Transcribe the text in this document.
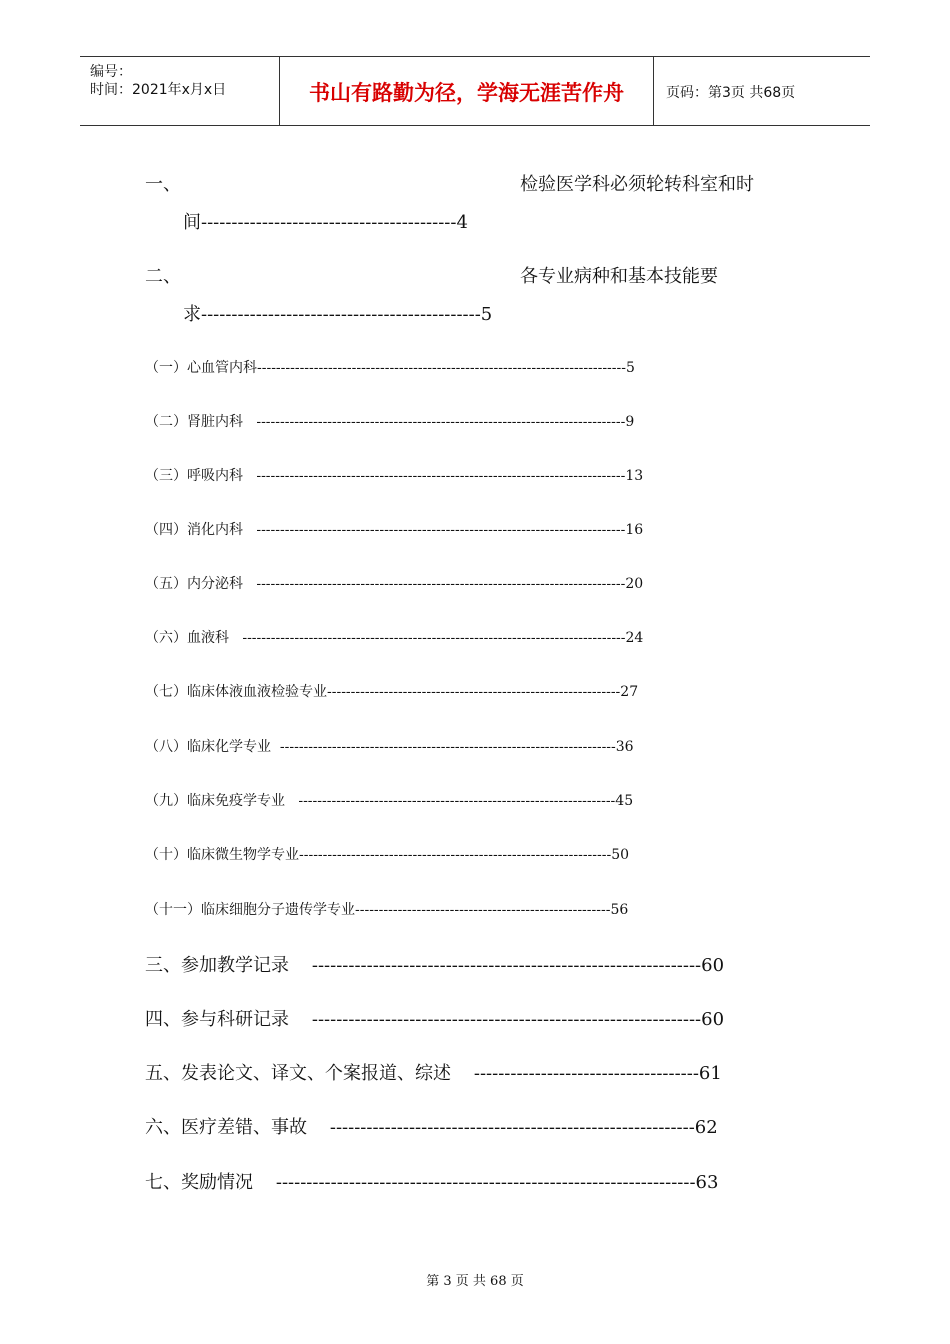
编号：
时间：2021年x月x日	书山有路勤为径，学海无涯苦作舟	页码：第3页 共68页
一、	检验医学科必须轮转科室和时
间------------------------------------------4
二、	各专业病种和基本技能要
求----------------------------------------------5
（一）心血管内科------------------------------------------------------------------------------5
（二）肾脏内科   ------------------------------------------------------------------------------9
（三）呼吸内科   ------------------------------------------------------------------------------13
（四）消化内科   ------------------------------------------------------------------------------16
（五）内分泌科   ------------------------------------------------------------------------------20
（六）血液科   ---------------------------------------------------------------------------------24
（七）临床体液血液检验专业--------------------------------------------------------------27
（八）临床化学专业  -----------------------------------------------------------------------36
（九）临床免疫学专业   -------------------------------------------------------------------45
（十）临床微生物学专业------------------------------------------------------------------50
（十一）临床细胞分子遗传学专业------------------------------------------------------56
三、参加教学记录    ----------------------------------------------------------------60
四、参与科研记录    ----------------------------------------------------------------60
五、发表论文、译文、个案报道、综述    -------------------------------------61
六、医疗差错、事故    ------------------------------------------------------------62
七、奖励情况    ---------------------------------------------------------------------63
第 3 页 共 68 页
